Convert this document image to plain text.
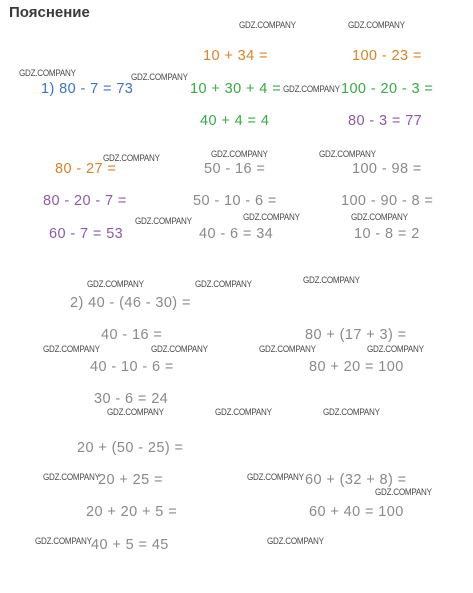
Пояснение
1) 80 - 7 = 73
10 + 34 =
10 + 30 + 4 =
40 + 4 = 4
100 - 23 =
100 - 20 - 3 =
80 - 3 = 77
80 - 27 =
80 - 20 - 7 =
60 - 7 = 53
50 - 16 =
50 - 10 - 6 =
40 - 6 = 34
100 - 98 =
100 - 90 - 8 =
10 - 8 = 2
2) 40 - (46 - 30) =
40 - 16 =
40 - 10 - 6 =
30 - 6 = 24
20 + (50 - 25) =
20 + 25 =
20 + 20 + 5 =
40 + 5 = 45
80 + (17 + 3) =
80 + 20 = 100
60 + (32 + 8) =
60 + 40 = 100
GDZ.COMPANY	GDZ.COMPANY
GDZ.COMPANY	GDZ.COMPANY
GDZ.COMPANY
GDZ.COMPANY	GDZ.COMPANY	GDZ.COMPANY
GDZ.COMPANY	GDZ.COMPANY	GDZ.COMPANY
GDZ.COMPANY	GDZ.COMPANY	GDZ.COMPANY
GDZ.COMPANY	GDZ.COMPANY	GDZ.COMPANY	GDZ.COMPANY
GDZ.COMPANY	GDZ.COMPANY	GDZ.COMPANY
GDZ.COMPANY	GDZ.COMPANY
GDZ.COMPANY
GDZ.COMPANY	GDZ.COMPANY
